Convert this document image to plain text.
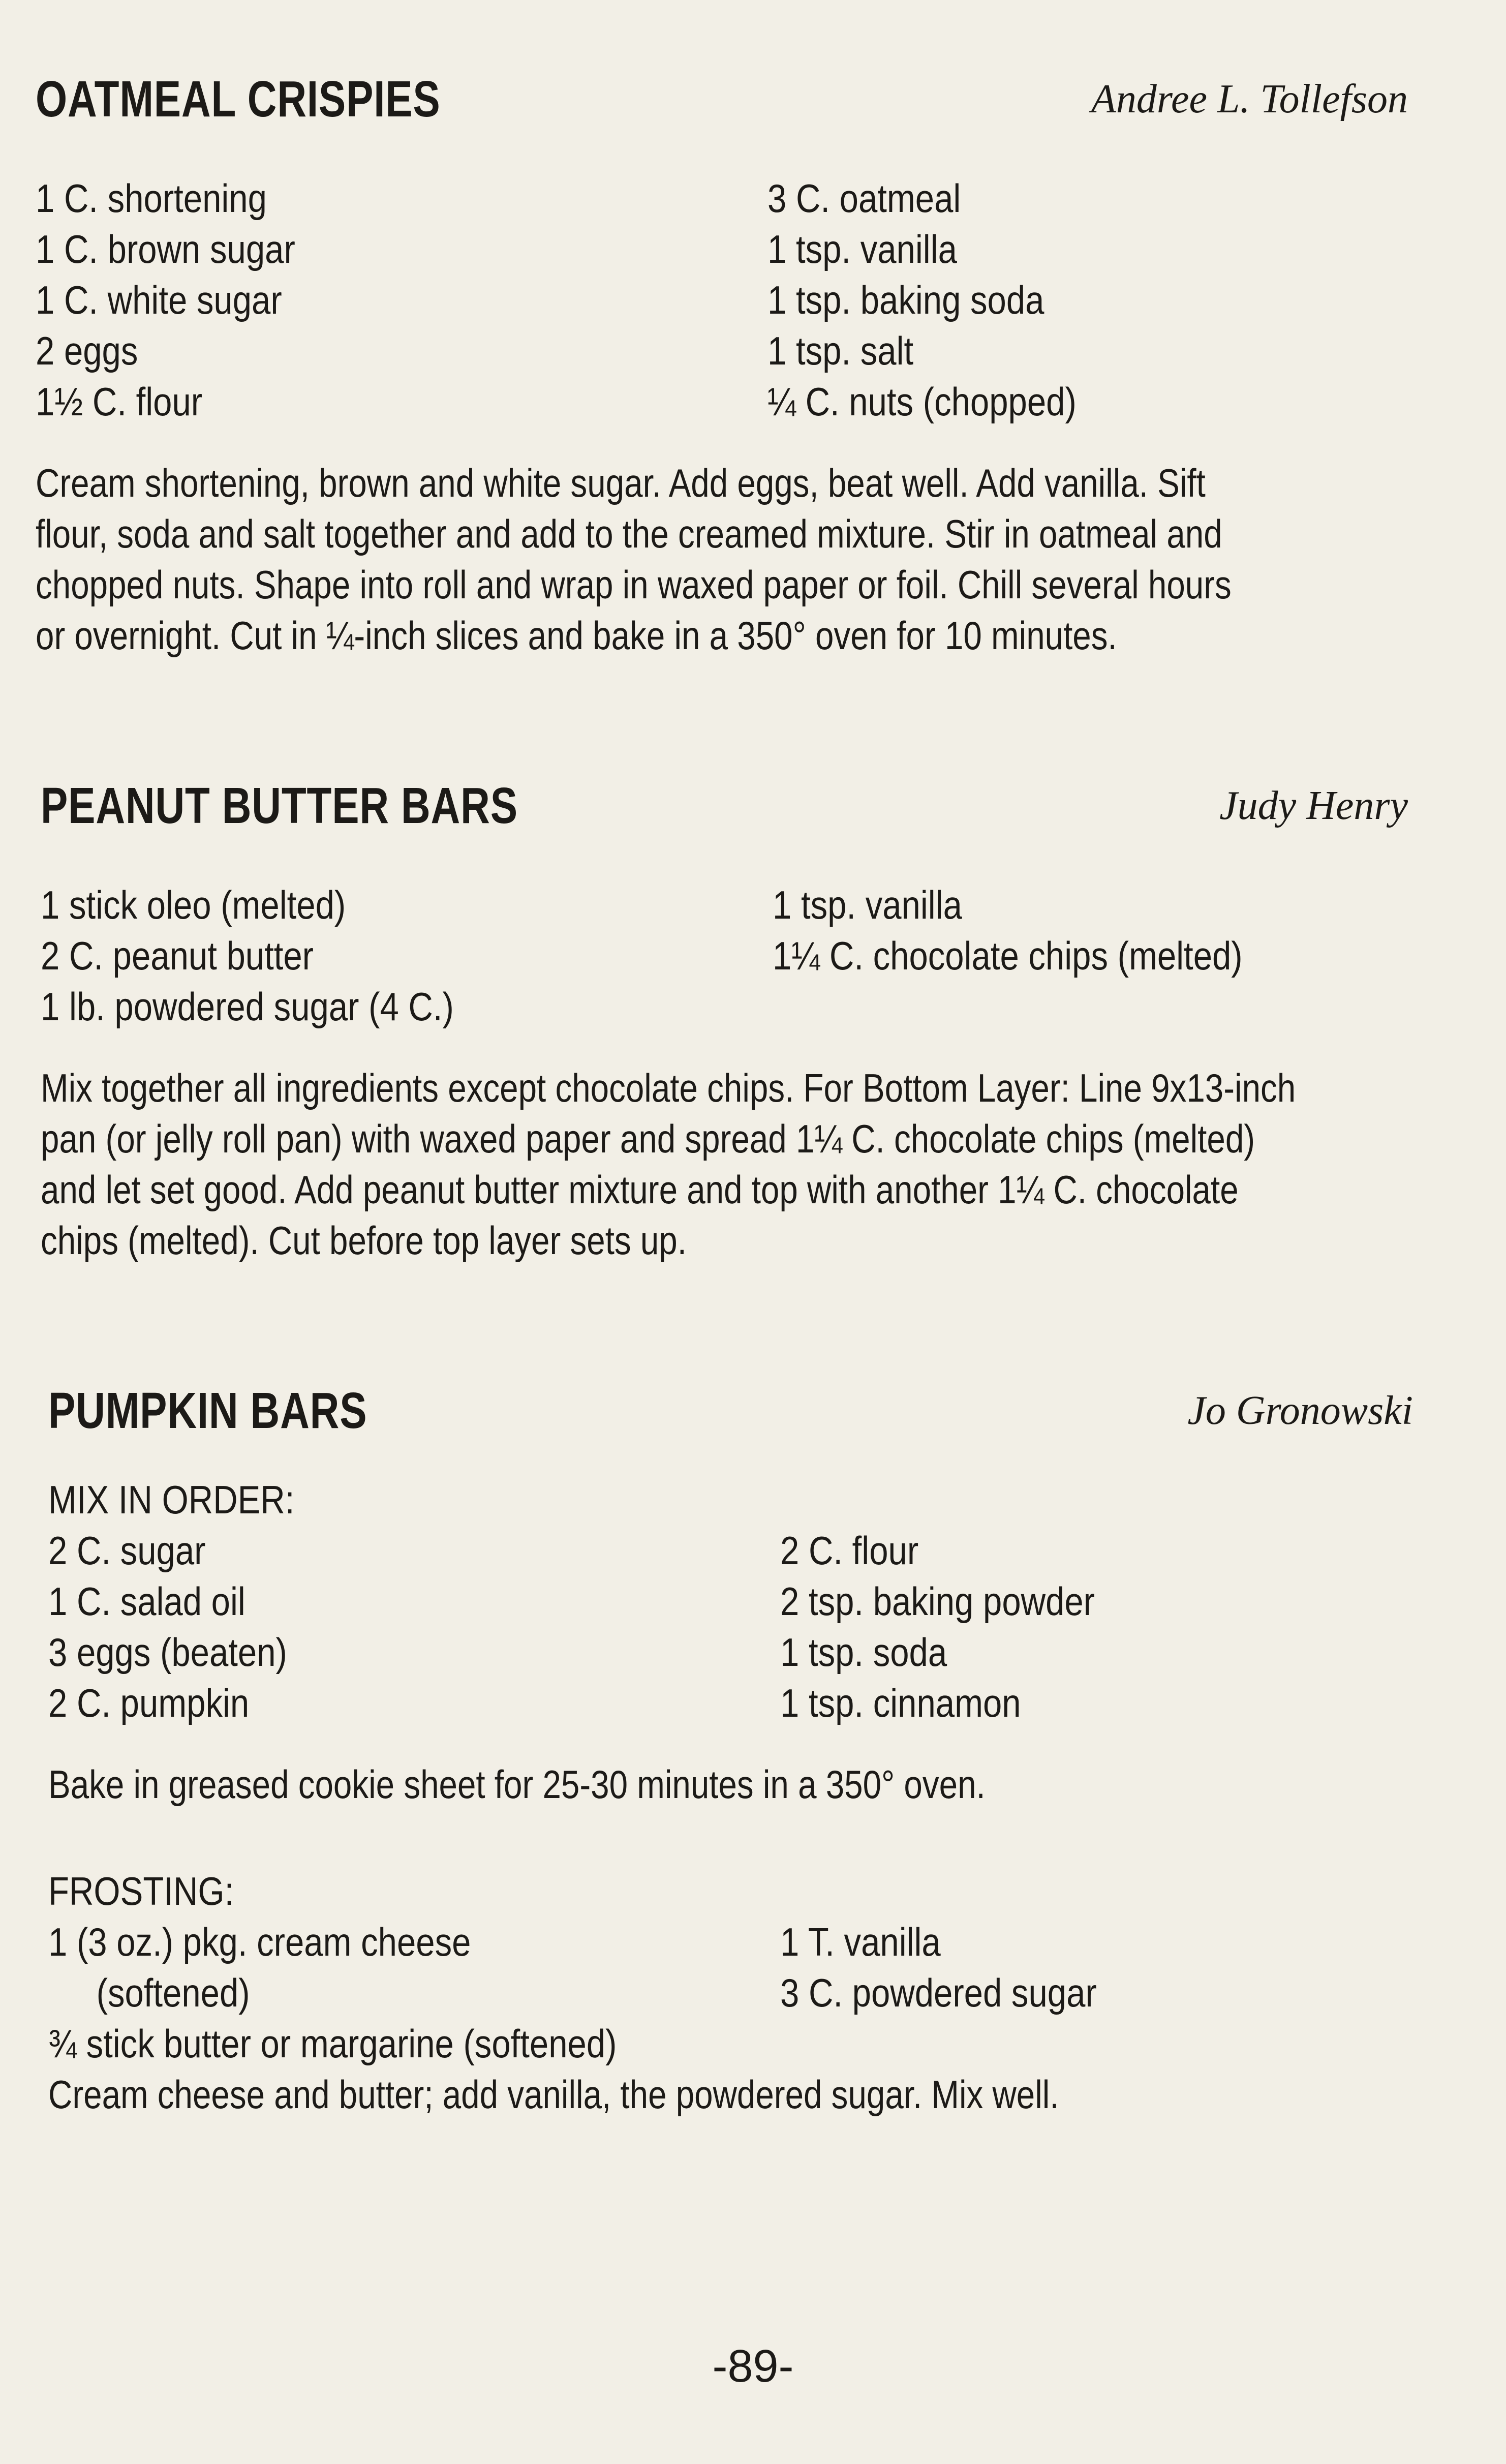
OATMEAL CRISPIES	Andree L. Tollefson
1 C. shortening
1 C. brown sugar
1 C. white sugar
2 eggs
1½ C. flour
3 C. oatmeal
1 tsp. vanilla
1 tsp. baking soda
1 tsp. salt
¼ C. nuts (chopped)
Cream shortening, brown and white sugar. Add eggs, beat well. Add vanilla. Sift
flour, soda and salt together and add to the creamed mixture. Stir in oatmeal and
chopped nuts. Shape into roll and wrap in waxed paper or foil. Chill several hours
or overnight. Cut in ¼-inch slices and bake in a 350° oven for 10 minutes.
PEANUT BUTTER BARS	Judy Henry
1 stick oleo (melted)
2 C. peanut butter
1 lb. powdered sugar (4 C.)
1 tsp. vanilla
1¼ C. chocolate chips (melted)
Mix together all ingredients except chocolate chips. For Bottom Layer: Line 9x13-inch
pan (or jelly roll pan) with waxed paper and spread 1¼ C. chocolate chips (melted)
and let set good. Add peanut butter mixture and top with another 1¼ C. chocolate
chips (melted). Cut before top layer sets up.
PUMPKIN BARS	Jo Gronowski
MIX IN ORDER:
2 C. sugar
1 C. salad oil
3 eggs (beaten)
2 C. pumpkin
2 C. flour
2 tsp. baking powder
1 tsp. soda
1 tsp. cinnamon
Bake in greased cookie sheet for 25-30 minutes in a 350° oven.
FROSTING:
1 (3 oz.) pkg. cream cheese
(softened)
¾ stick butter or margarine (softened)
1 T. vanilla
3 C. powdered sugar
Cream cheese and butter; add vanilla, the powdered sugar. Mix well.
-89-
